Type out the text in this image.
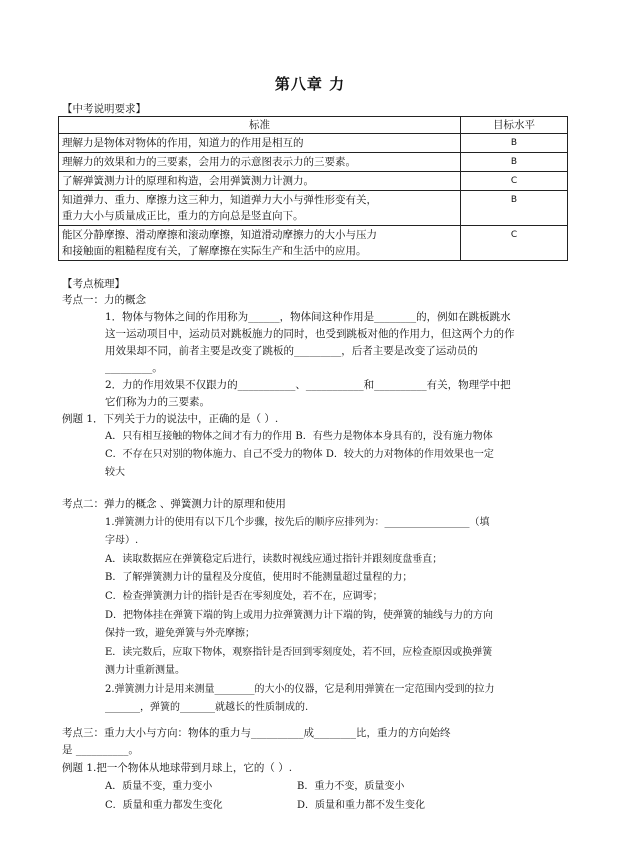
第八章 力
【中考说明要求】
标准	目标水平
理解力是物体对物体的作用，知道力的作用是相互的	B
理解力的效果和力的三要素，会用力的示意图表示力的三要素。	B
了解弹簧测力计的原理和构造，会用弹簧测力计测力。	C

知道弹力、重力、摩擦力这三种力，知道弹力大小与弹性形变有关，
重力大小与质量成正比，重力的方向总是竖直向下。	B

能区分静摩擦、滑动摩擦和滚动摩擦，知道滑动摩擦力的大小与压力
和接触面的粗糙程度有关，了解摩擦在实际生产和生活中的应用。	C
【考点梳理】
考点一：力的概念
1．物体与物体之间的作用称为______，物体间这种作用是________的，例如在跳板跳水
这一运动项目中，运动员对跳板施力的同时，也受到跳板对他的作用力，但这两个力的作
用效果却不同，前者主要是改变了跳板的_________，后者主要是改变了运动员的
_________。
2．力的作用效果不仅跟力的___________、___________和__________有关，物理学中把
它们称为力的三要素。
例题 1．下列关于力的说法中，正确的是（ ）.
A．只有相互接触的物体之间才有力的作用 B．有些力是物体本身具有的，没有施力物体
C．不存在只对别的物体施力、自己不受力的物体 D．较大的力对物体的作用效果也一定
较大
考点二：弹力的概念 、弹簧测力计的原理和使用
1.弹簧测力计的使用有以下几个步骤，按先后的顺序应排列为：_________________（填
字母）.
A．读取数据应在弹簧稳定后进行，读数时视线应通过指针并跟刻度盘垂直；
B．了解弹簧测力计的量程及分度值，使用时不能测量超过量程的力；
C．检查弹簧测力计的指针是否在零刻度处，若不在，应调零；
D．把物体挂在弹簧下端的钩上或用力拉弹簧测力计下端的钩，使弹簧的轴线与力的方向
保持一致，避免弹簧与外壳摩擦；
E．读完数后，应取下物体，观察指针是否回到零刻度处，若不回，应检查原因或换弹簧
测力计重新测量。
2.弹簧测力计是用来测量________的大小的仪器，它是利用弹簧在一定范围内受到的拉力
_______，弹簧的_______就越长的性质制成的.
考点三：重力大小与方向：物体的重力与__________成________比，重力的方向始终
是 __________。
例题 1.把一个物体从地球带到月球上，它的（ ）.
A．质量不变，重力变小	B．重力不变，质量变小
C．质量和重力都发生变化	D．质量和重力都不发生变化
